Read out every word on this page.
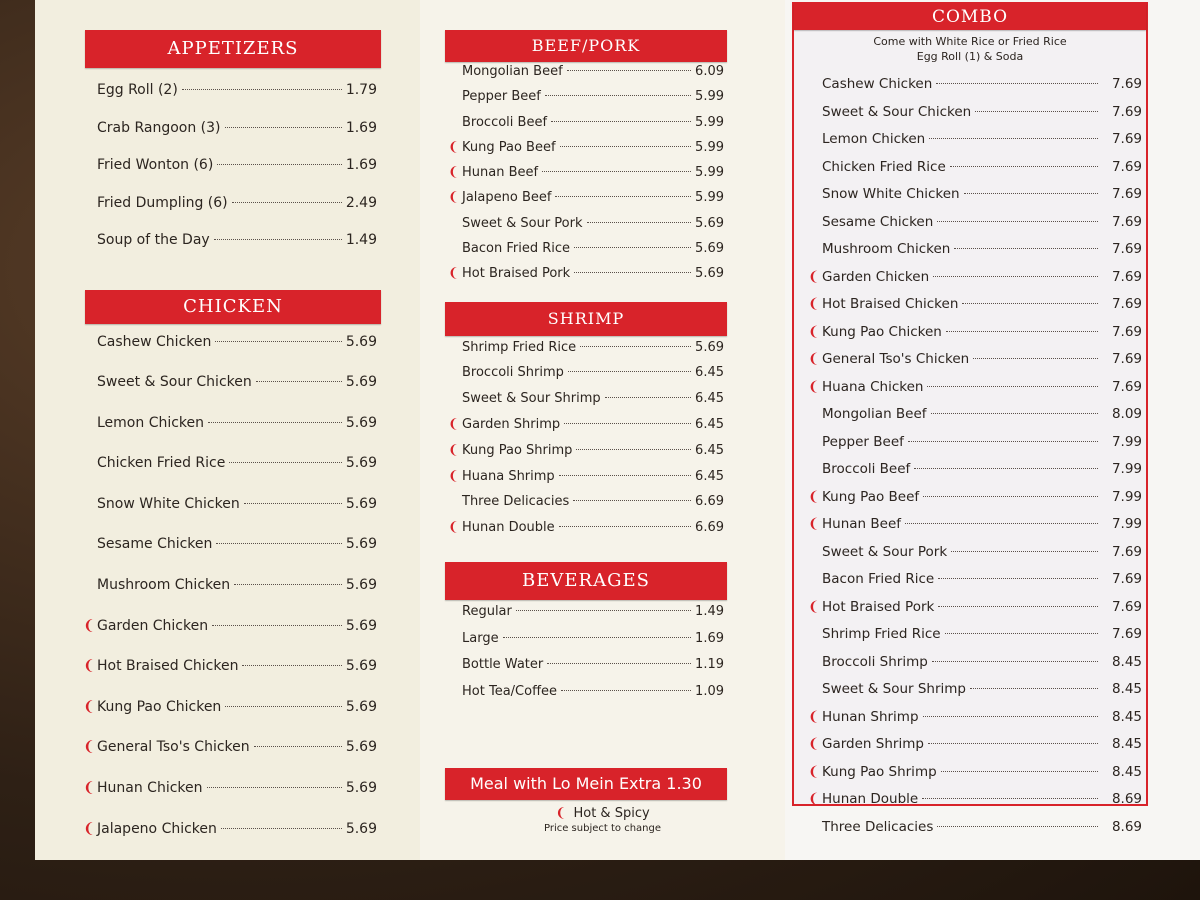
APPETIZERS
Egg Roll (2)	1.79
Crab Rangoon (3)	1.69
Fried Wonton (6)	1.69
Fried Dumpling (6)	2.49
Soup of the Day	1.49
CHICKEN
Cashew Chicken	5.69
Sweet & Sour Chicken	5.69
Lemon Chicken	5.69
Chicken Fried Rice	5.69
Snow White Chicken	5.69
Sesame Chicken	5.69
Mushroom Chicken	5.69
❨ Garden Chicken	5.69
❨ Hot Braised Chicken	5.69
❨ Kung Pao Chicken	5.69
❨ General Tso's Chicken	5.69
❨ Hunan Chicken	5.69
❨ Jalapeno Chicken	5.69
BEEF/PORK
Mongolian Beef	6.09
Pepper Beef	5.99
Broccoli Beef	5.99
❨ Kung Pao Beef	5.99
❨ Hunan Beef	5.99
❨ Jalapeno Beef	5.99
Sweet & Sour Pork	5.69
Bacon Fried Rice	5.69
❨ Hot Braised Pork	5.69
SHRIMP
Shrimp Fried Rice	5.69
Broccoli Shrimp	6.45
Sweet & Sour Shrimp	6.45
❨ Garden Shrimp	6.45
❨ Kung Pao Shrimp	6.45
❨ Huana Shrimp	6.45
Three Delicacies	6.69
❨ Hunan Double	6.69
BEVERAGES
Regular	1.49
Large	1.69
Bottle Water	1.19
Hot Tea/Coffee	1.09
Meal with Lo Mein Extra 1.30
❨ Hot & Spicy
Price subject to change
COMBO
Come with White Rice or Fried Rice
Egg Roll (1) & Soda
Cashew Chicken	7.69
Sweet & Sour Chicken	7.69
Lemon Chicken	7.69
Chicken Fried Rice	7.69
Snow White Chicken	7.69
Sesame Chicken	7.69
Mushroom Chicken	7.69
❨ Garden Chicken	7.69
❨ Hot Braised Chicken	7.69
❨ Kung Pao Chicken	7.69
❨ General Tso's Chicken	7.69
❨ Huana Chicken	7.69
Mongolian Beef	8.09
Pepper Beef	7.99
Broccoli Beef	7.99
❨ Kung Pao Beef	7.99
❨ Hunan Beef	7.99
Sweet & Sour Pork	7.69
Bacon Fried Rice	7.69
❨ Hot Braised Pork	7.69
Shrimp Fried Rice	7.69
Broccoli Shrimp	8.45
Sweet & Sour Shrimp	8.45
❨ Hunan Shrimp	8.45
❨ Garden Shrimp	8.45
❨ Kung Pao Shrimp	8.45
❨ Hunan Double	8.69
Three Delicacies	8.69
